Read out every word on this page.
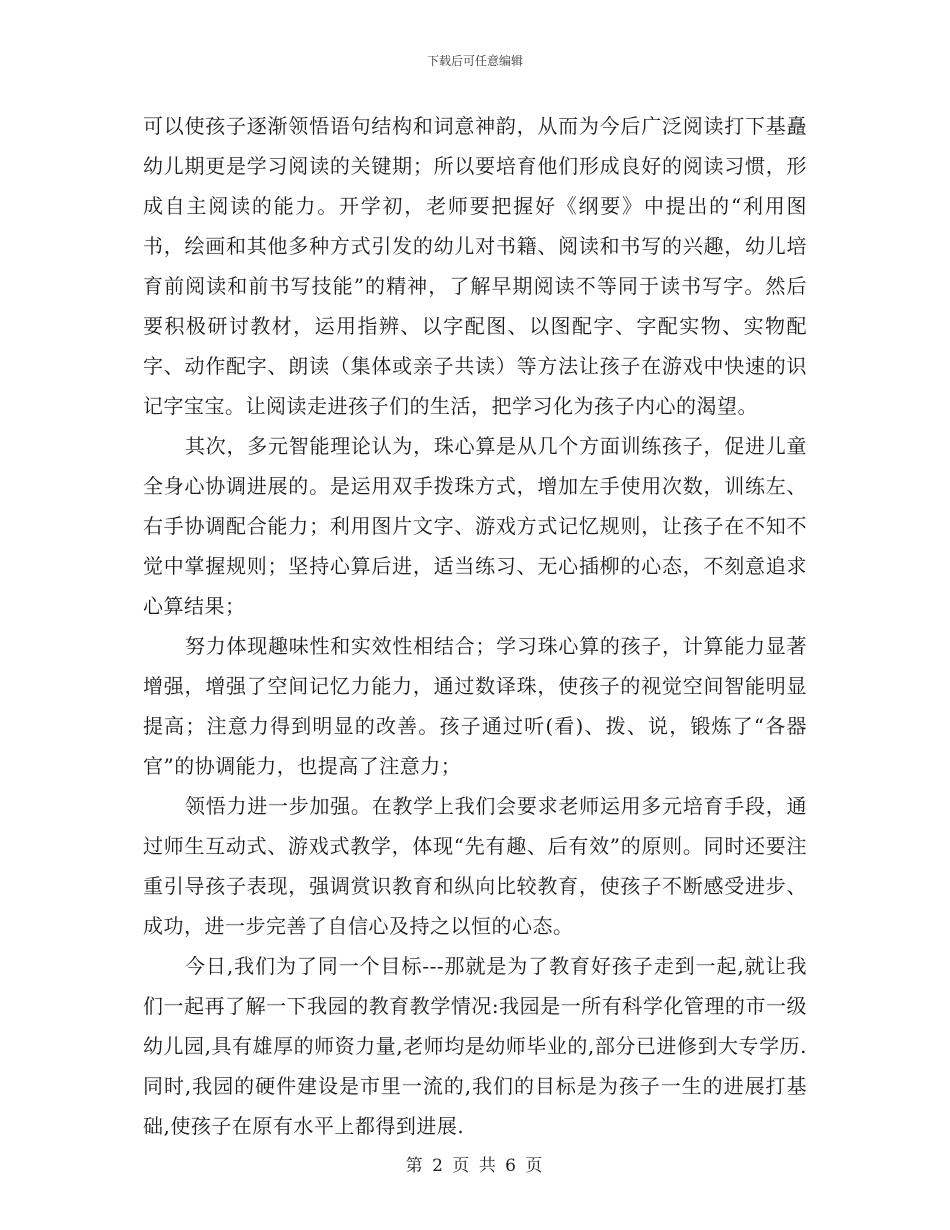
下载后可任意编辑

可以使孩子逐渐领悟语句结构和词意神韵，从而为今后广泛阅读打下基矗幼儿期更是学习阅读的关键期；所以要培育他们形成良好的阅读习惯，形成自主阅读的能力。开学初，老师要把握好《纲要》中提出的“利用图书，绘画和其他多种方式引发的幼儿对书籍、阅读和书写的兴趣，幼儿培育前阅读和前书写技能”的精神，了解早期阅读不等同于读书写字。然后要积极研讨教材，运用指辨、以字配图、以图配字、字配实物、实物配字、动作配字、朗读（集体或亲子共读）等方法让孩子在游戏中快速的识记字宝宝。让阅读走进孩子们的生活，把学习化为孩子内心的渴望。

其次，多元智能理论认为，珠心算是从几个方面训练孩子，促进儿童全身心协调进展的。是运用双手拨珠方式，增加左手使用次数，训练左、右手协调配合能力；利用图片文字、游戏方式记忆规则，让孩子在不知不觉中掌握规则；坚持心算后进，适当练习、无心插柳的心态，不刻意追求心算结果；

努力体现趣味性和实效性相结合；学习珠心算的孩子，计算能力显著增强，增强了空间记忆力能力，通过数译珠，使孩子的视觉空间智能明显提高；注意力得到明显的改善。孩子通过听(看)、拨、说，锻炼了“各器官”的协调能力，也提高了注意力；

领悟力进一步加强。在教学上我们会要求老师运用多元培育手段，通过师生互动式、游戏式教学，体现“先有趣、后有效”的原则。同时还要注重引导孩子表现，强调赏识教育和纵向比较教育，使孩子不断感受进步、成功，进一步完善了自信心及持之以恒的心态。

今日,我们为了同一个目标---那就是为了教育好孩子走到一起,就让我们一起再了解一下我园的教育教学情况:我园是一所有科学化管理的市一级幼儿园,具有雄厚的师资力量,老师均是幼师毕业的,部分已进修到大专学历.同时,我园的硬件建设是市里一流的,我们的目标是为孩子一生的进展打基础,使孩子在原有水平上都得到进展.

第 2 页 共 6 页
